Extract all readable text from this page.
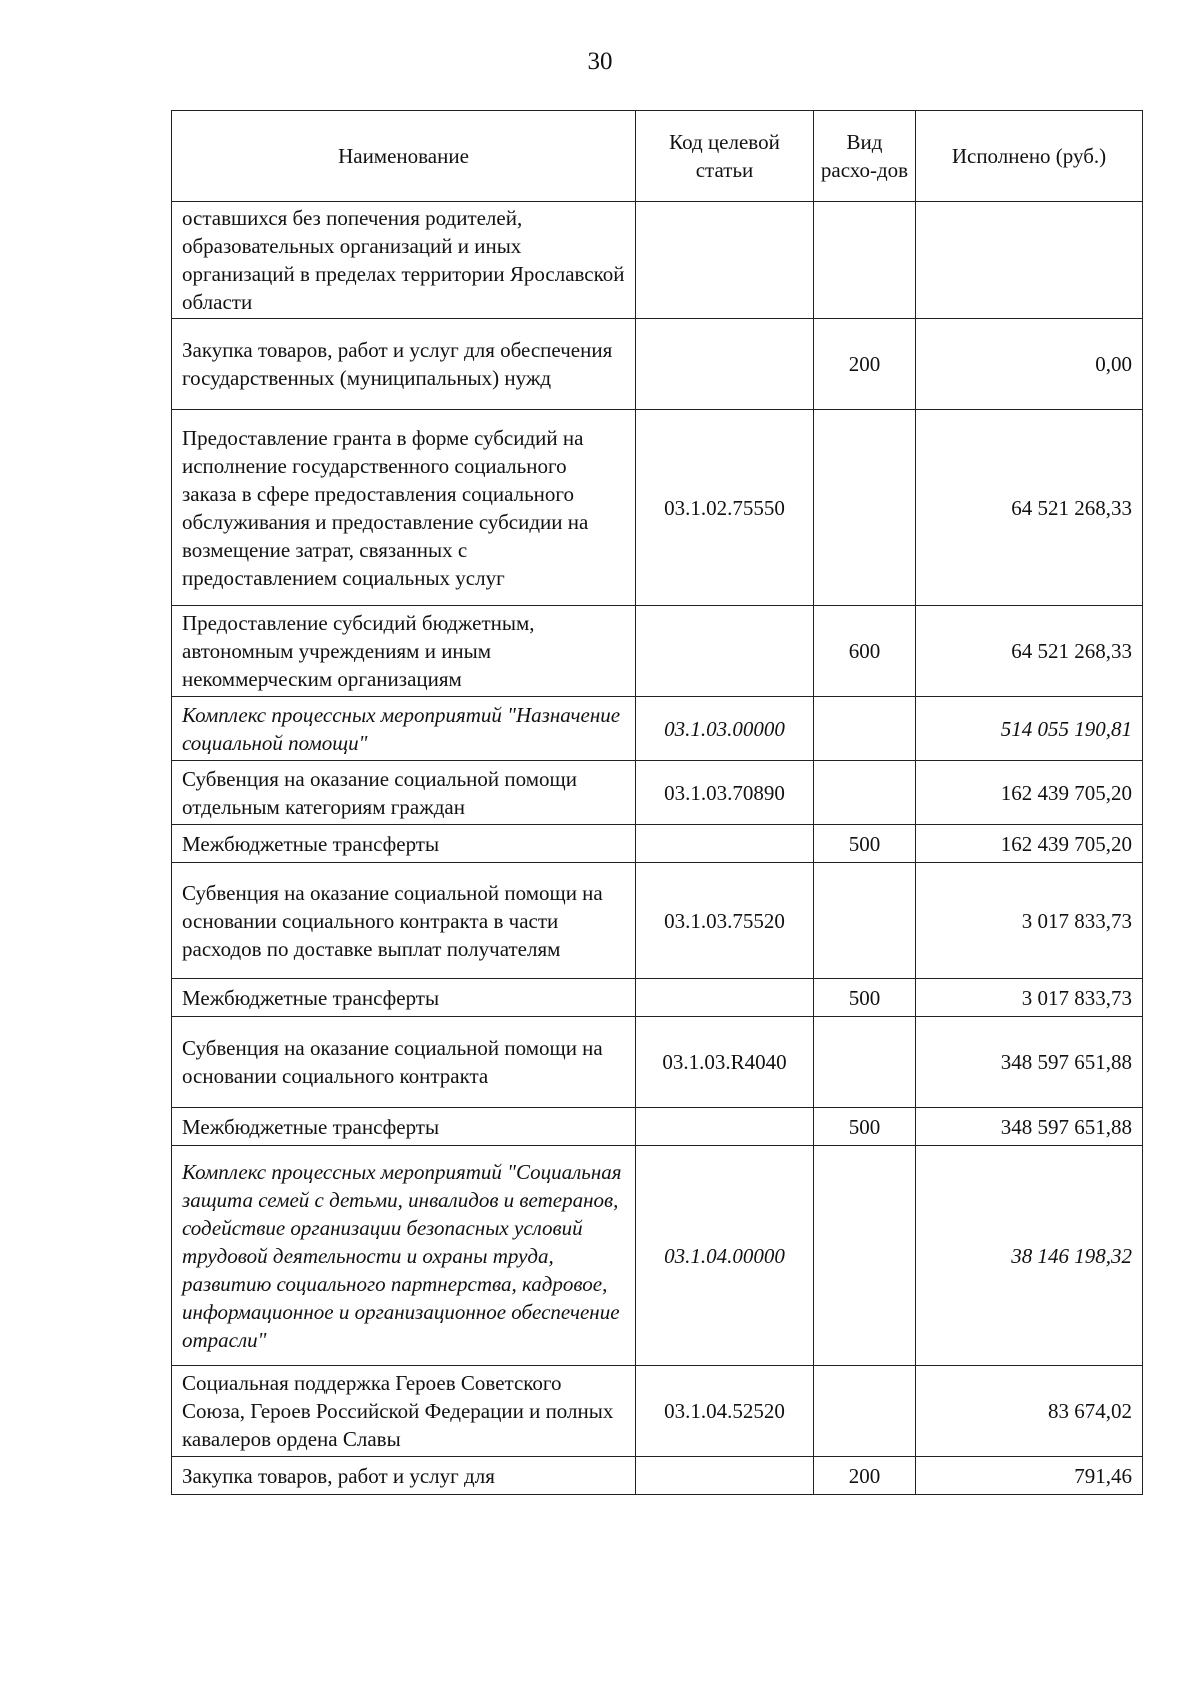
30
Наименование	Код целевой статьи	Вид расхо-дов	Исполнено (руб.)
оставшихся без попечения родителей, образовательных организаций и иных организаций в пределах территории Ярославской области			
Закупка товаров, работ и услуг для обеспечения государственных (муниципальных) нужд		200	0,00
Предоставление гранта в форме субсидий на исполнение государственного социального заказа в сфере предоставления социального обслуживания и предоставление субсидии на возмещение затрат, связанных с предоставлением социальных услуг	03.1.02.75550		64 521 268,33
Предоставление субсидий бюджетным, автономным учреждениям и иным некоммерческим организациям		600	64 521 268,33
Комплекс процессных мероприятий "Назначение социальной помощи"	03.1.03.00000		514 055 190,81
Субвенция на оказание социальной помощи отдельным категориям граждан	03.1.03.70890		162 439 705,20
Межбюджетные трансферты		500	162 439 705,20
Субвенция на оказание социальной помощи на основании социального контракта в части расходов по доставке выплат получателям	03.1.03.75520		3 017 833,73
Межбюджетные трансферты		500	3 017 833,73
Субвенция на оказание социальной помощи на основании социального контракта	03.1.03.R4040		348 597 651,88
Межбюджетные трансферты		500	348 597 651,88
Комплекс процессных мероприятий "Социальная защита семей с детьми, инвалидов и ветеранов, содействие организации безопасных условий трудовой деятельности и охраны труда, развитию социального партнерства, кадровое, информационное и организационное обеспечение отрасли"	03.1.04.00000		38 146 198,32
Социальная поддержка Героев Советского Союза, Героев Российской Федерации и полных кавалеров ордена Славы	03.1.04.52520		83 674,02
Закупка товаров, работ и услуг для		200	791,46
